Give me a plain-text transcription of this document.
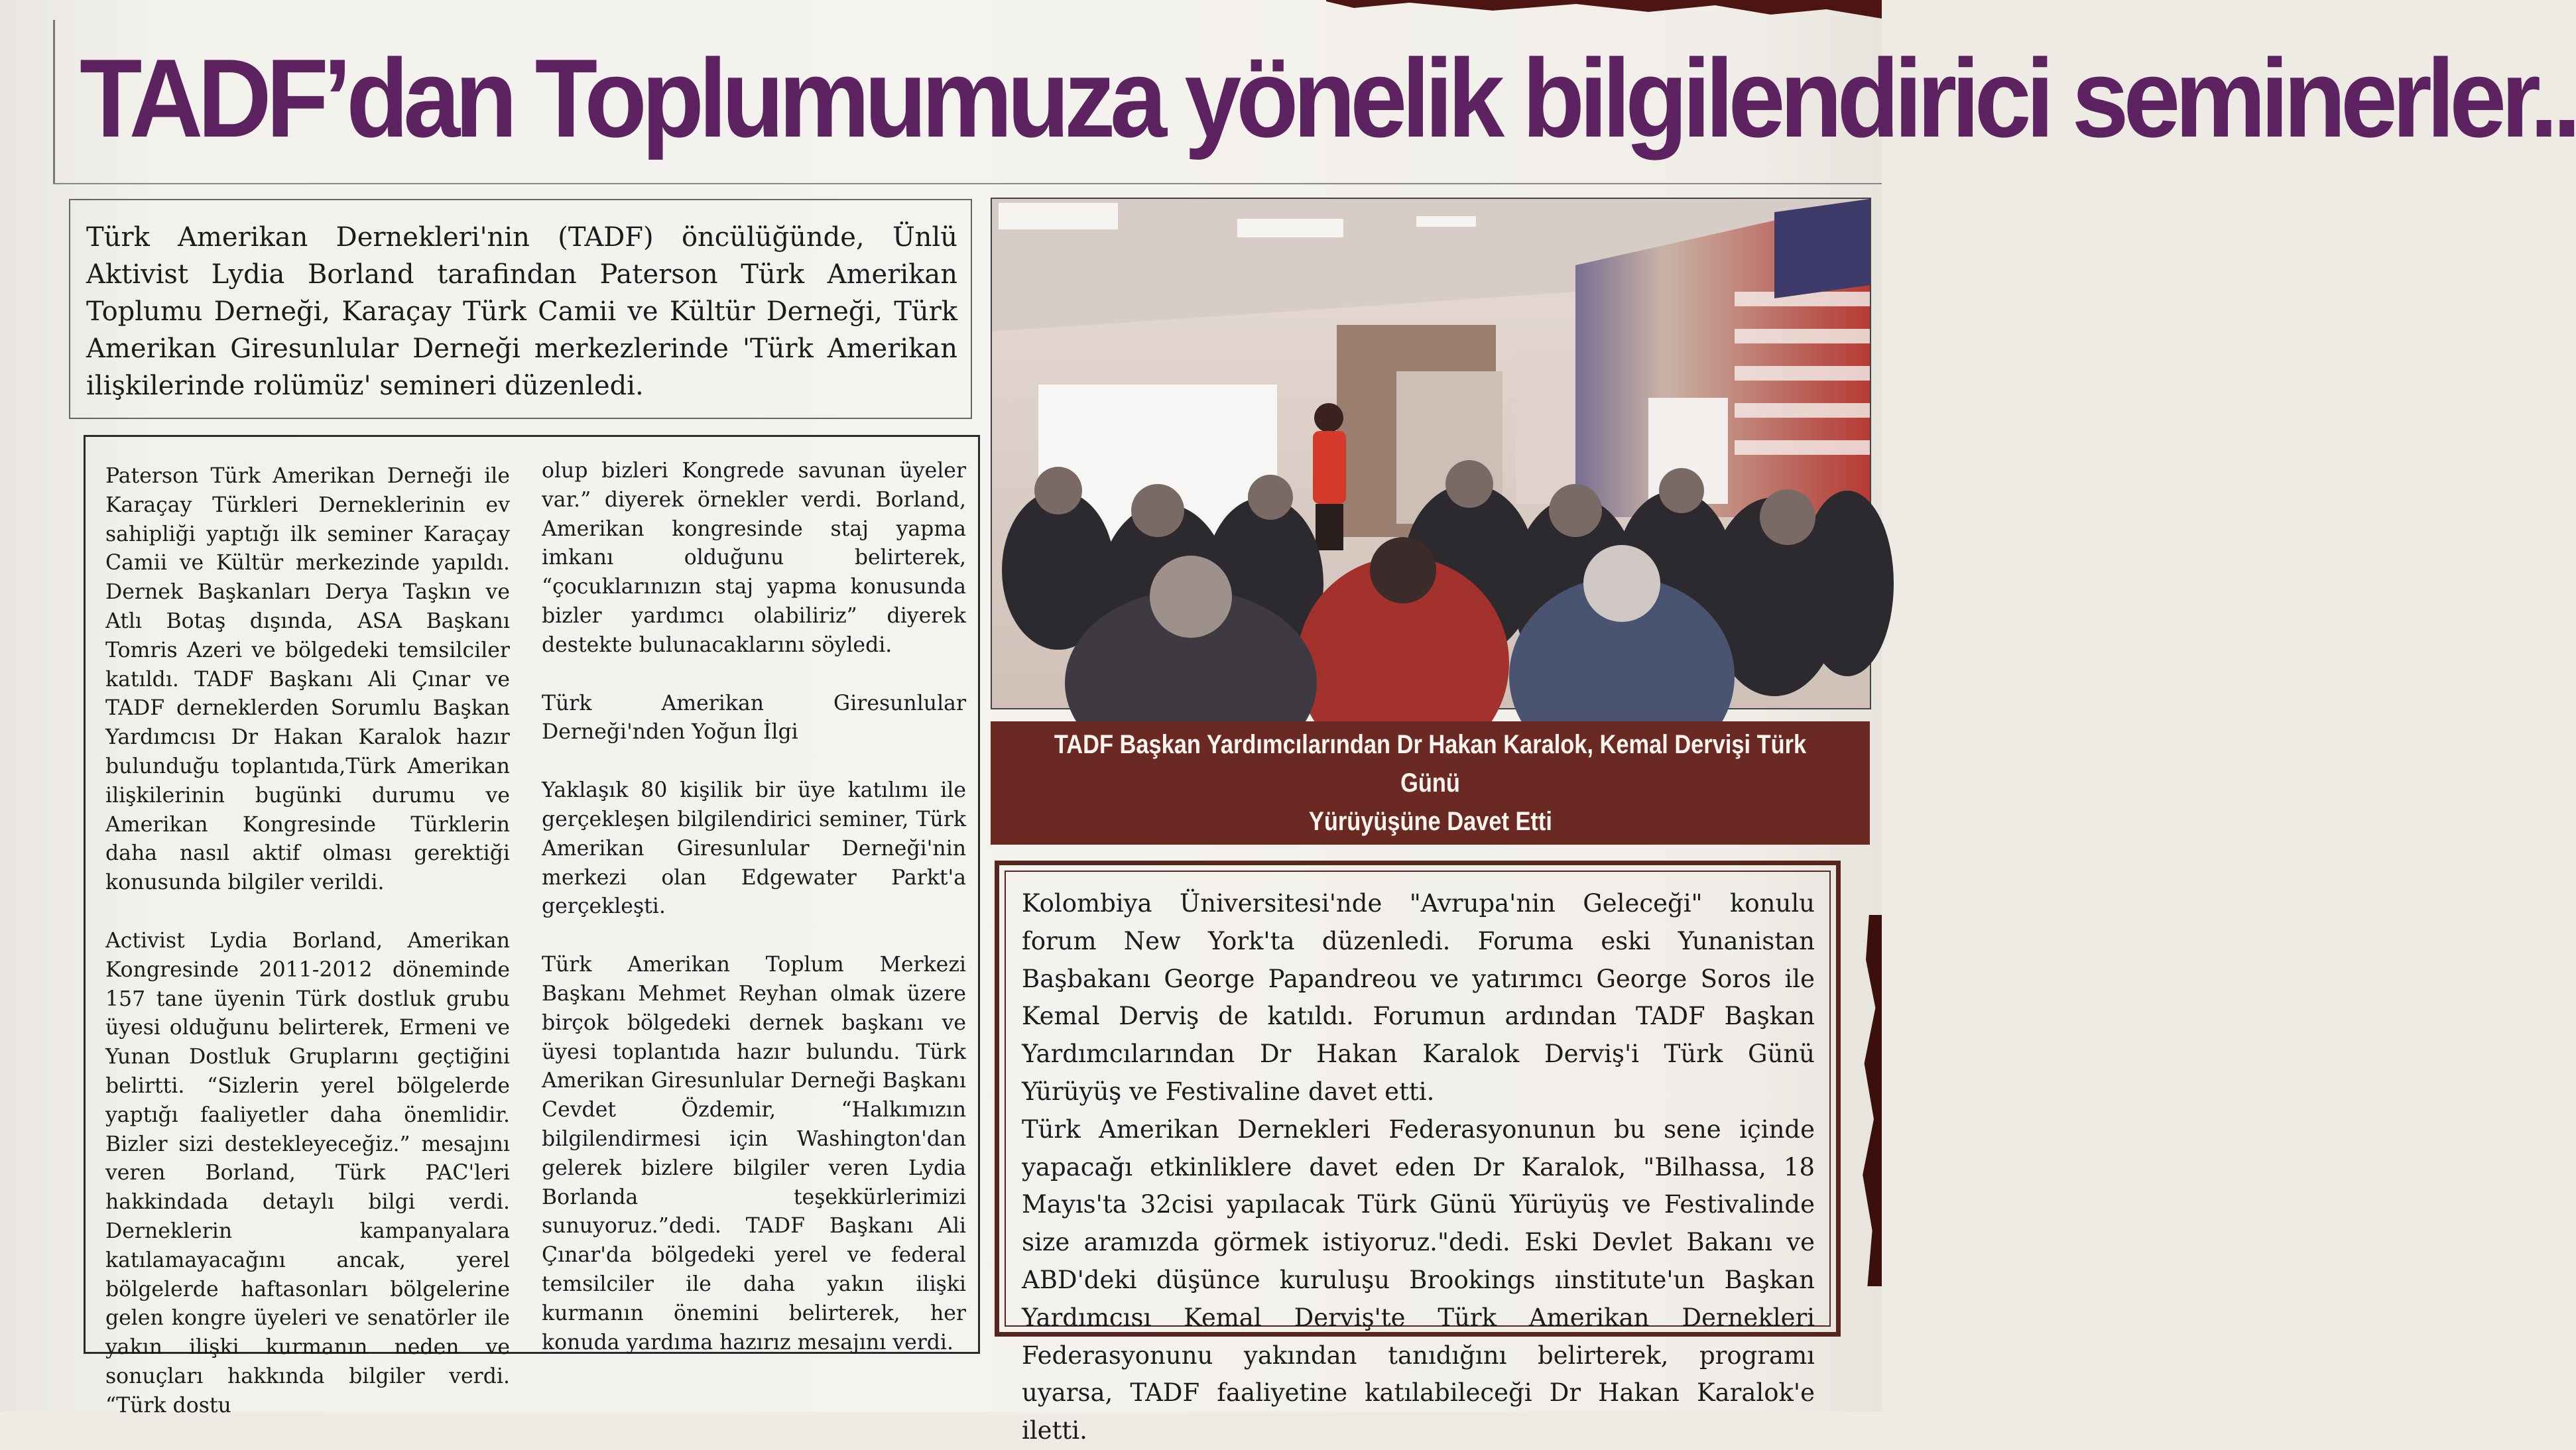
TADF’dan Toplumumuza yönelik bilgilendirici seminerler..
Türk Amerikan Dernekleri'nin (TADF) öncülüğünde, Ünlü Aktivist Lydia Borland tarafindan Paterson Türk Amerikan Toplumu Derneği, Karaçay Türk Camii ve Kültür Derneği, Türk Amerikan Giresunlular Derneği merkezlerinde 'Türk Amerikan ilişkilerinde rolümüz' semineri düzenledi.

Paterson Türk Amerikan Derneği ile Karaçay Türkleri Derneklerinin ev sahipliği yaptığı ilk seminer Karaçay Camii ve Kültür merkezinde yapıldı. Dernek Başkanları Derya Taşkın ve Atlı Botaş dışında, ASA Başkanı Tomris Azeri ve bölgedeki temsilciler katıldı. TADF Başkanı Ali Çınar ve TADF derneklerden Sorumlu Başkan Yardımcısı Dr Hakan Karalok hazır bulunduğu toplantıda,Türk Amerikan ilişkilerinin bugünki durumu ve Amerikan Kongresinde Türklerin daha nasıl aktif olması gerektiği konusunda bilgiler verildi.

Activist Lydia Borland, Amerikan Kongresinde 2011-2012 döneminde 157 tane üyenin Türk dostluk grubu üyesi olduğunu belirterek, Ermeni ve Yunan Dostluk Gruplarını geçtiğini belirtti. “Sizlerin yerel bölgelerde yaptığı faaliyetler daha önemlidir. Bizler sizi destekleyeceğiz.” mesajını veren Borland, Türk PAC'leri hakkindada detaylı bilgi verdi. Derneklerin kampanyalara katılamayacağını ancak, yerel bölgelerde haftasonları bölgelerine gelen kongre üyeleri ve senatörler ile yakın ilişki kurmanın neden ve sonuçları hakkında bilgiler verdi. “Türk dostu

olup bizleri Kongrede savunan üyeler var.” diyerek örnekler verdi. Borland, Amerikan kongresinde staj yapma imkanı olduğunu belirterek, “çocuklarınızın staj yapma konusunda bizler yardımcı olabiliriz” diyerek destekte bulunacaklarını söyledi.

Türk Amerikan Giresunlular Derneği'nden Yoğun İlgi

Yaklaşık 80 kişilik bir üye katılımı ile gerçekleşen bilgilendirici seminer, Türk Amerikan Giresunlular Derneği'nin merkezi olan Edgewater Parkt'a gerçekleşti.

Türk Amerikan Toplum Merkezi Başkanı Mehmet Reyhan olmak üzere birçok bölgedeki dernek başkanı ve üyesi toplantıda hazır bulundu. Türk Amerikan Giresunlular Derneği Başkanı Cevdet Özdemir, “Halkımızın bilgilendirmesi için Washington'dan gelerek bizlere bilgiler veren Lydia Borlanda teşekkürlerimizi sunuyoruz.”dedi. TADF Başkanı Ali Çınar'da bölgedeki yerel ve federal temsilciler ile daha yakın ilişki kurmanın önemini belirterek, her konuda yardıma hazırız mesajını verdi.

TADF Başkan Yardımcılarından Dr Hakan Karalok, Kemal Dervişi Türk Günü
Yürüyüşüne Davet Etti

Kolombiya Üniversitesi'nde "Avrupa'nin Geleceği" konulu forum New York'ta düzenledi. Foruma eski Yunanistan Başbakanı George Papandreou ve yatırımcı George Soros ile Kemal Derviş de katıldı. Forumun ardından TADF Başkan Yardımcılarından Dr Hakan Karalok Derviş'i Türk Günü Yürüyüş ve Festivaline davet etti.

Türk Amerikan Dernekleri Federasyonunun bu sene içinde yapacağı etkinliklere davet eden Dr Karalok, "Bilhassa, 18 Mayıs'ta 32cisi yapılacak Türk Günü Yürüyüş ve Festivalinde size aramızda görmek istiyoruz."dedi. Eski Devlet Bakanı ve ABD'deki düşünce kuruluşu Brookings ıinstitute'un Başkan Yardımcısı Kemal Derviş'te Türk Amerikan Dernekleri Federasyonunu yakından tanıdığını belirterek, programı uyarsa, TADF faaliyetine katılabileceği Dr Hakan Karalok'e iletti.
